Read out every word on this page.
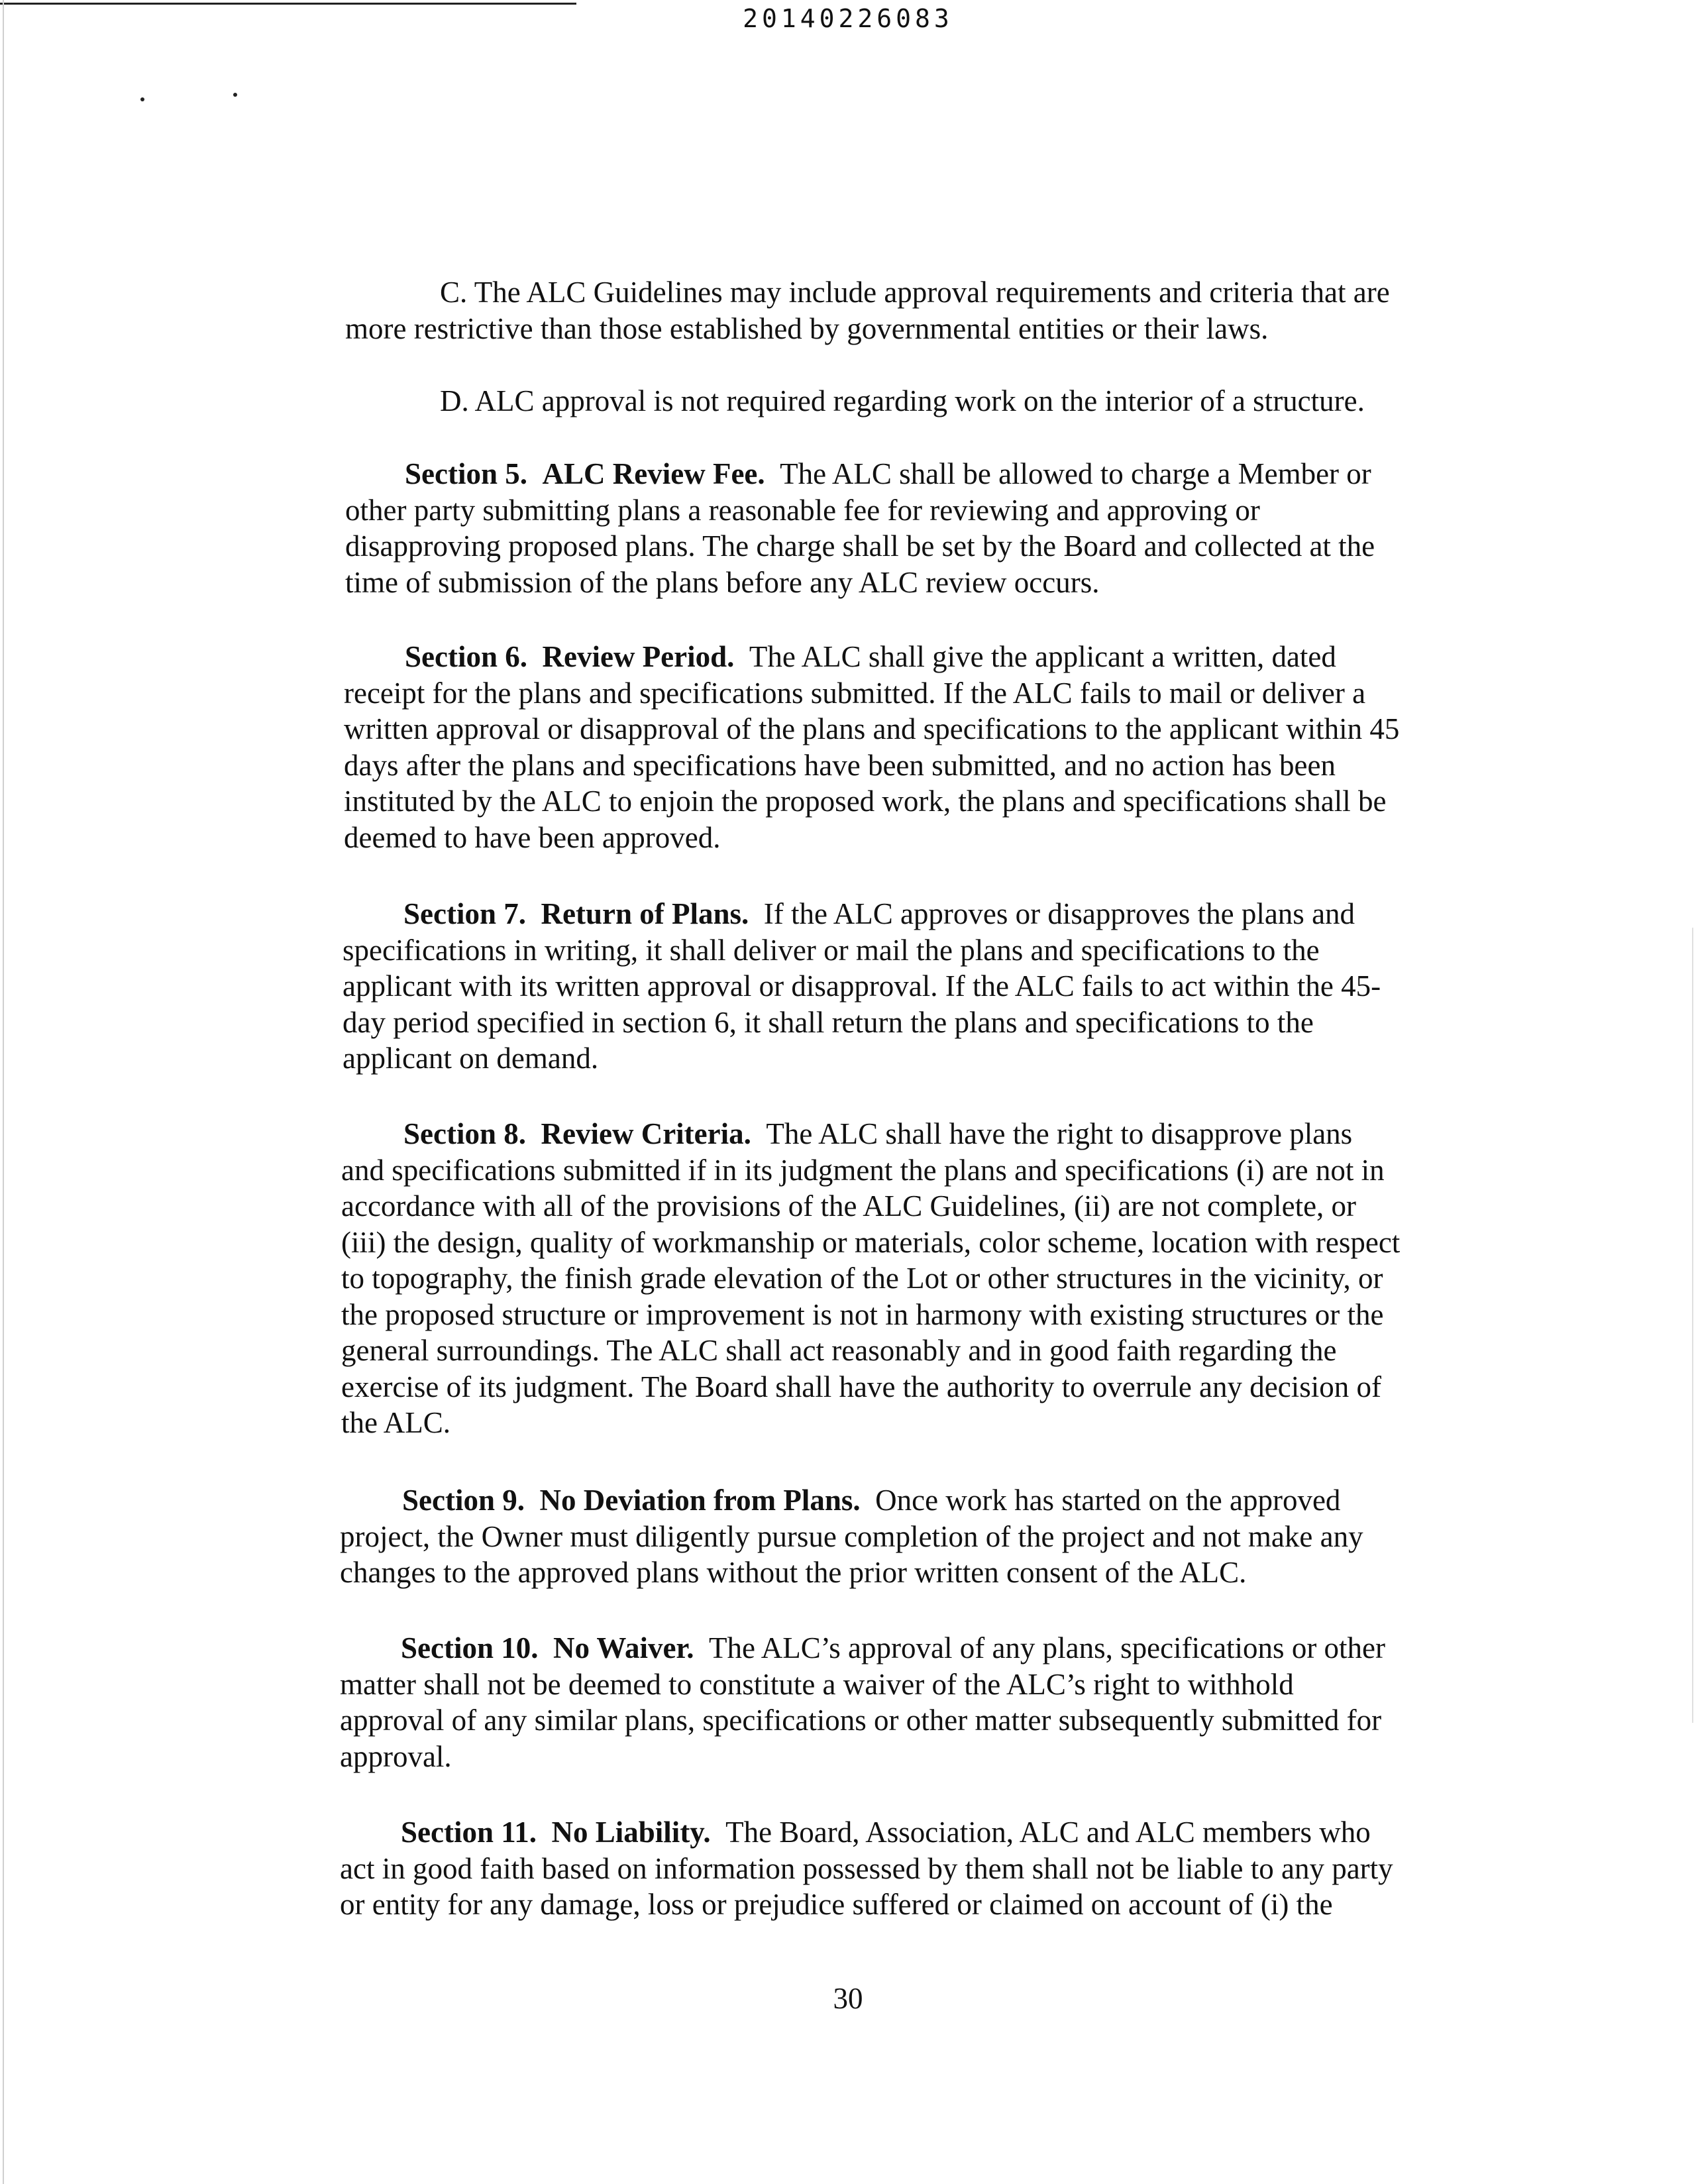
20140226083

C. The ALC Guidelines may include approval requirements and criteria that are
more restrictive than those established by governmental entities or their laws.

D. ALC approval is not required regarding work on the interior of a structure.

Section 5. ALC Review Fee. The ALC shall be allowed to charge a Member or
other party submitting plans a reasonable fee for reviewing and approving or
disapproving proposed plans. The charge shall be set by the Board and collected at the
time of submission of the plans before any ALC review occurs.

Section 6. Review Period. The ALC shall give the applicant a written, dated
receipt for the plans and specifications submitted. If the ALC fails to mail or deliver a
written approval or disapproval of the plans and specifications to the applicant within 45
days after the plans and specifications have been submitted, and no action has been
instituted by the ALC to enjoin the proposed work, the plans and specifications shall be
deemed to have been approved.

Section 7. Return of Plans. If the ALC approves or disapproves the plans and
specifications in writing, it shall deliver or mail the plans and specifications to the
applicant with its written approval or disapproval. If the ALC fails to act within the 45-
day period specified in section 6, it shall return the plans and specifications to the
applicant on demand.

Section 8. Review Criteria. The ALC shall have the right to disapprove plans
and specifications submitted if in its judgment the plans and specifications (i) are not in
accordance with all of the provisions of the ALC Guidelines, (ii) are not complete, or
(iii) the design, quality of workmanship or materials, color scheme, location with respect
to topography, the finish grade elevation of the Lot or other structures in the vicinity, or
the proposed structure or improvement is not in harmony with existing structures or the
general surroundings. The ALC shall act reasonably and in good faith regarding the
exercise of its judgment. The Board shall have the authority to overrule any decision of
the ALC.

Section 9. No Deviation from Plans. Once work has started on the approved
project, the Owner must diligently pursue completion of the project and not make any
changes to the approved plans without the prior written consent of the ALC.

Section 10. No Waiver. The ALC’s approval of any plans, specifications or other
matter shall not be deemed to constitute a waiver of the ALC’s right to withhold
approval of any similar plans, specifications or other matter subsequently submitted for
approval.

Section 11. No Liability. The Board, Association, ALC and ALC members who
act in good faith based on information possessed by them shall not be liable to any party
or entity for any damage, loss or prejudice suffered or claimed on account of (i) the

30
